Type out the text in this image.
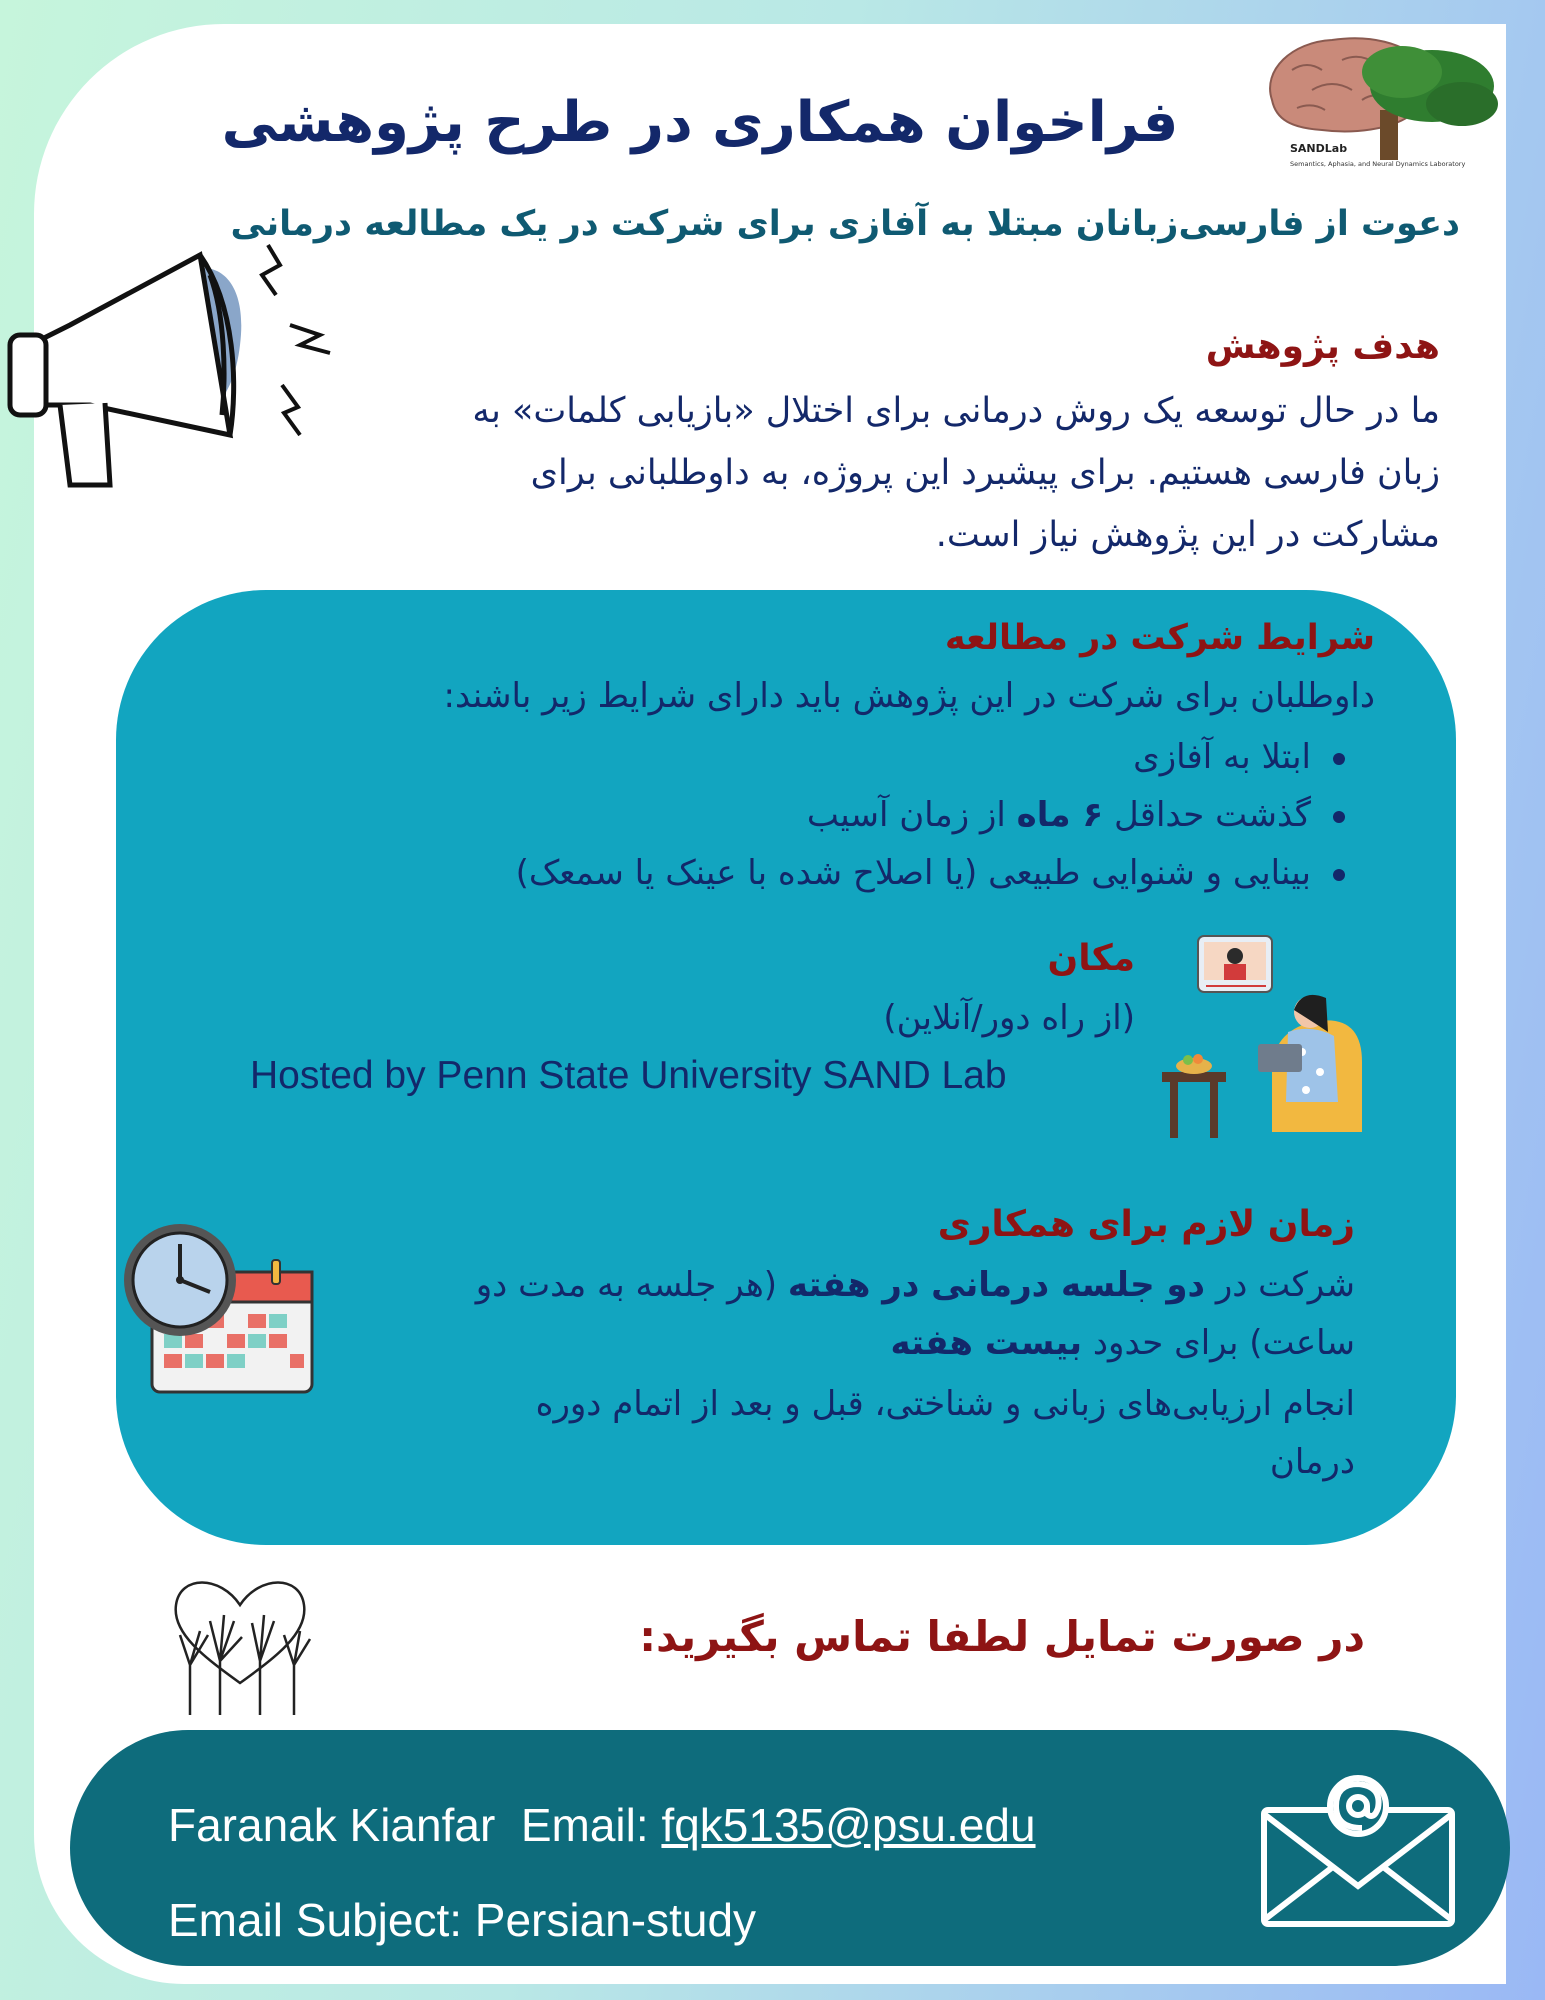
SANDLab
Semantics, Aphasia, and Neural Dynamics Laboratory
فراخوان همکاری در طرح پژوهشی
دعوت از فارسی‌زبانان مبتلا به آفازی برای شرکت در یک مطالعه درمانی
هدف پژوهش

ما در حال توسعه یک روش درمانی برای اختلال «بازیابی کلمات» به زبان فارسی هستیم. برای پیشبرد این پروژه، به داوطلبانی برای مشارکت در این پژوهش نیاز است.

شرایط شرکت در مطالعه

داوطلبان برای شرکت در این پژوهش باید دارای شرایط زیر باشند:

ابتلا به آفازی
گذشت حداقل ۶ ماه از زمان آسیب
بینایی و شنوایی طبیعی (یا اصلاح شده با عینک یا سمعک)
مکان

(از راه دور/آنلاین)

Hosted by Penn State University SAND Lab

زمان لازم برای همکاری

شرکت در دو جلسه درمانی در هفته (هر جلسه به مدت دو ساعت) برای حدود بیست هفته

انجام ارزیابی‌های زبانی و شناختی، قبل و بعد از اتمام دوره درمان

در صورت تمایل لطفا تماس بگیرید:

Faranak Kianfar Email: fqk5135@psu.edu

Email Subject: Persian-study
